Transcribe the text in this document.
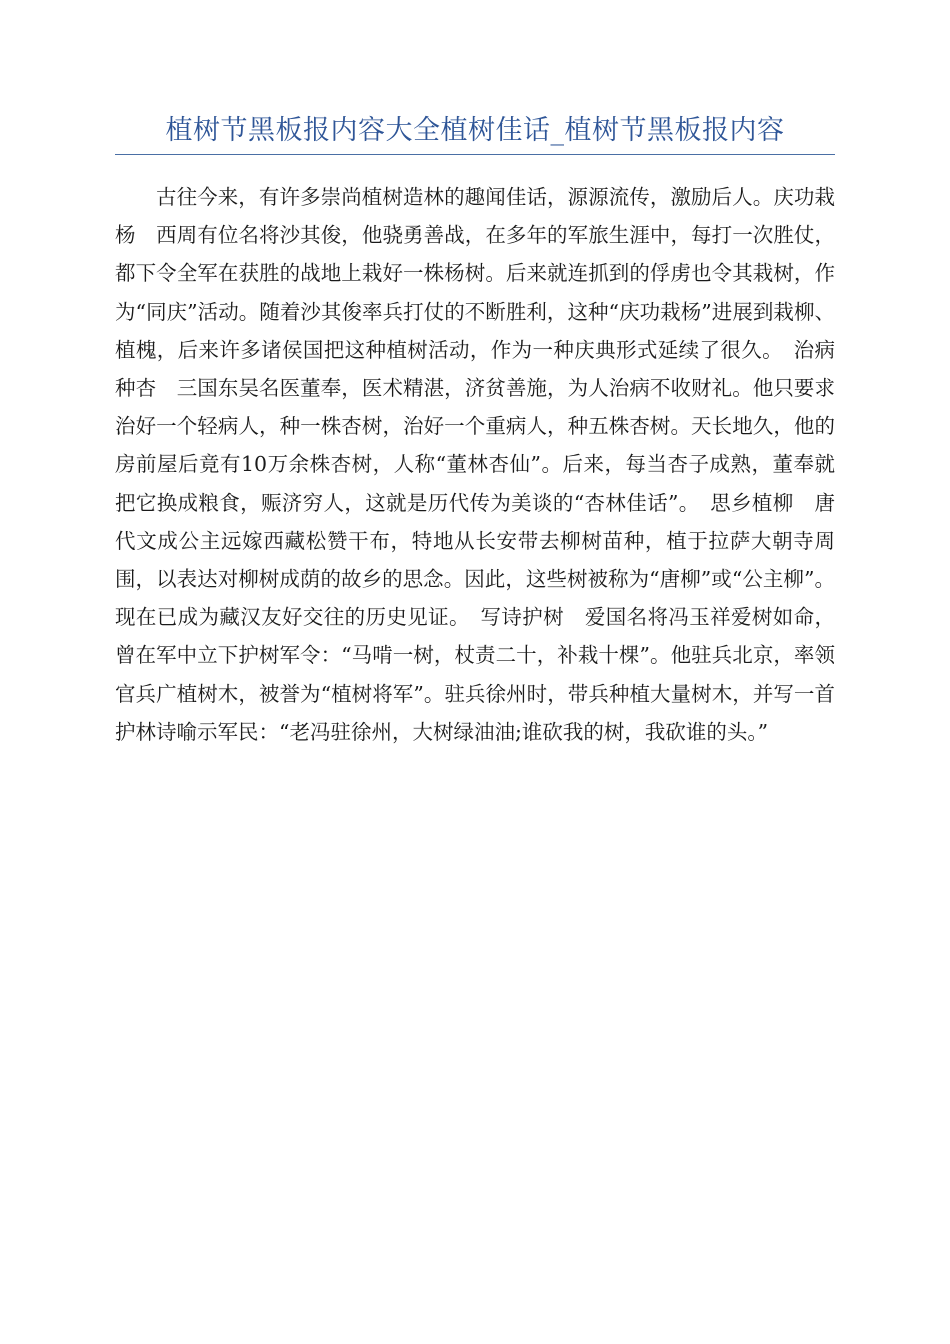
植树节黑板报内容大全植树佳话_植树节黑板报内容

古往今来，有许多崇尚植树造林的趣闻佳话，源源流传，激励后人。庆功栽杨　西周有位名将沙其俊，他骁勇善战，在多年的军旅生涯中，每打一次胜仗，都下令全军在获胜的战地上栽好一株杨树。后来就连抓到的俘虏也令其栽树，作为“同庆”活动。随着沙其俊率兵打仗的不断胜利，这种“庆功栽杨”进展到栽柳、植槐，后来许多诸侯国把这种植树活动，作为一种庆典形式延续了很久。　治病种杏　三国东吴名医董奉，医术精湛，济贫善施，为人治病不收财礼。他只要求治好一个轻病人，种一株杏树，治好一个重病人，种五株杏树。天长地久，他的房前屋后竟有10万余株杏树，人称“董林杏仙”。后来，每当杏子成熟，董奉就把它换成粮食，赈济穷人，这就是历代传为美谈的“杏林佳话”。　思乡植柳　唐代文成公主远嫁西藏松赞干布，特地从长安带去柳树苗种，植于拉萨大朝寺周围，以表达对柳树成荫的故乡的思念。因此，这些树被称为“唐柳”或“公主柳”。现在已成为藏汉友好交往的历史见证。　写诗护树　爱国名将冯玉祥爱树如命，曾在军中立下护树军令：“马啃一树，杖责二十，补栽十棵”。他驻兵北京，率领官兵广植树木，被誉为“植树将军”。驻兵徐州时，带兵种植大量树木，并写一首护林诗喻示军民：“老冯驻徐州，大树绿油油;谁砍我的树，我砍谁的头。”
